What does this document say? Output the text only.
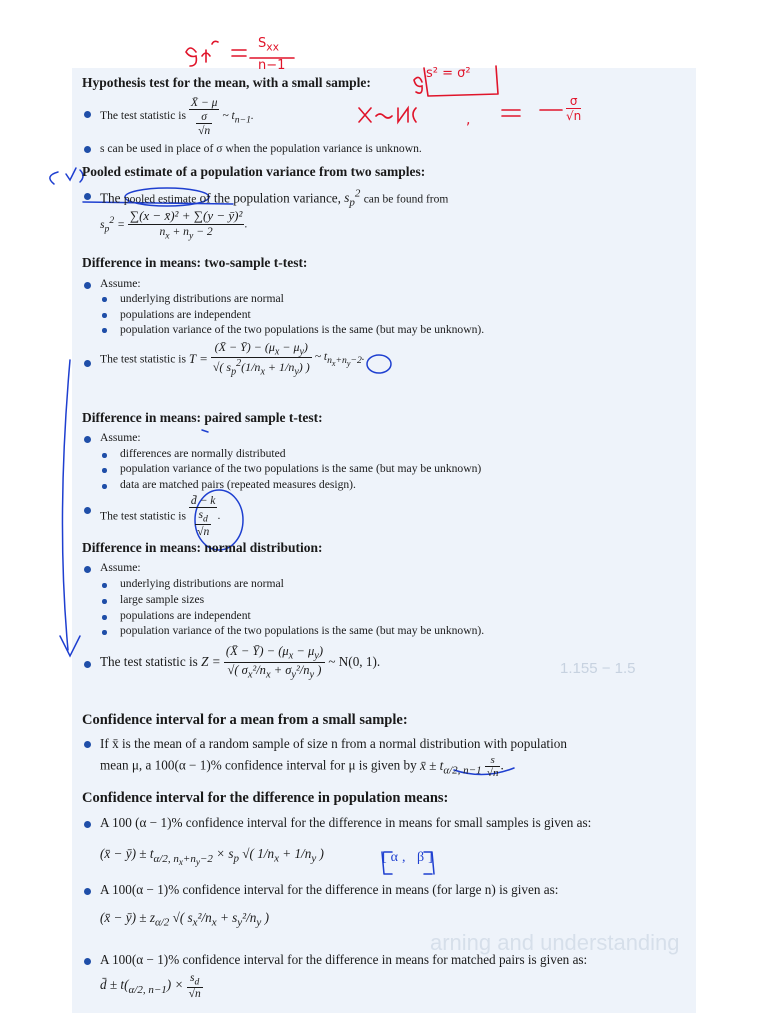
1.155 − 1.5
arning and understanding
$S_{xx}$
n−1
s² = σ²
σ
√n
,
[α, β]
Hypothesis test for the mean, with a small sample:
The test statistic is $\frac{X̄ - \mu}{\frac{\sigma}{√n}}$ ~ $t_{n-1}$.
s can be used in place of σ when the population variance is unknown.
Pooled estimate of a population variance from two samples:
The pooled estimate of the population variance, $s_p^2$ can be found from
$s_p^2 = \frac{\text{∑(x − x̄)² + ∑(y − ȳ)²}}{n_x + n_y - 2}$ .
Difference in means: two-sample t-test:
Assume:
underlying distributions are normal
populations are independent
population variance of the two populations is the same (but may be unknown).
The test statistic is $T = \frac{(X̄ - Ȳ) - (\mu_x - \mu_y)}{√( s_p^2(1/n_x + 1/n_y) )}$ ~ $t_{n_x+n_y-2}$.
Difference in means: paired sample t-test:
Assume:
differences are normally distributed
population variance of the two populations is the same (but may be unknown)
data are matched pairs (repeated measures design).
The test statistic is $\frac{d̄ - k}{\frac{s_d}{√n}}$ .
Difference in means: normal distribution:
Assume:
underlying distributions are normal
large sample sizes
populations are independent
population variance of the two populations is the same (but may be unknown).
The test statistic is $Z = \frac{(X̄ - Ȳ) - (\mu_x - \mu_y)}{√( \sigma_x^2/n_x + \sigma_y^2/n_y )}$ ~ N(0, 1).
Confidence interval for a mean from a small sample:
If x̄ is the mean of a random sample of size n from a normal distribution with population
mean μ, a 100(α − 1)% confidence interval for μ is given by x̄ ± $t_{\alpha/2, n-1} \frac{s}{√n}$ .
Confidence interval for the difference in population means:
A 100 (α − 1)% confidence interval for the difference in means for small samples is given as:
(x̄ − ȳ) ± $t_{\alpha/2, n_x+n_y-2} \times s_p$ √( $1/n_x + 1/n_y$ )
A 100(α − 1)% confidence interval for the difference in means (for large n) is given as:
(x̄ − ȳ) ± $z_{\alpha/2}$ √( $s_x^2/n_x + s_y^2/n_y$ )
A 100(α − 1)% confidence interval for the difference in means for matched pairs is given as:
d̄ ± $t(_{\alpha/2, n-1}) \times \frac{s_d}{√n}$
